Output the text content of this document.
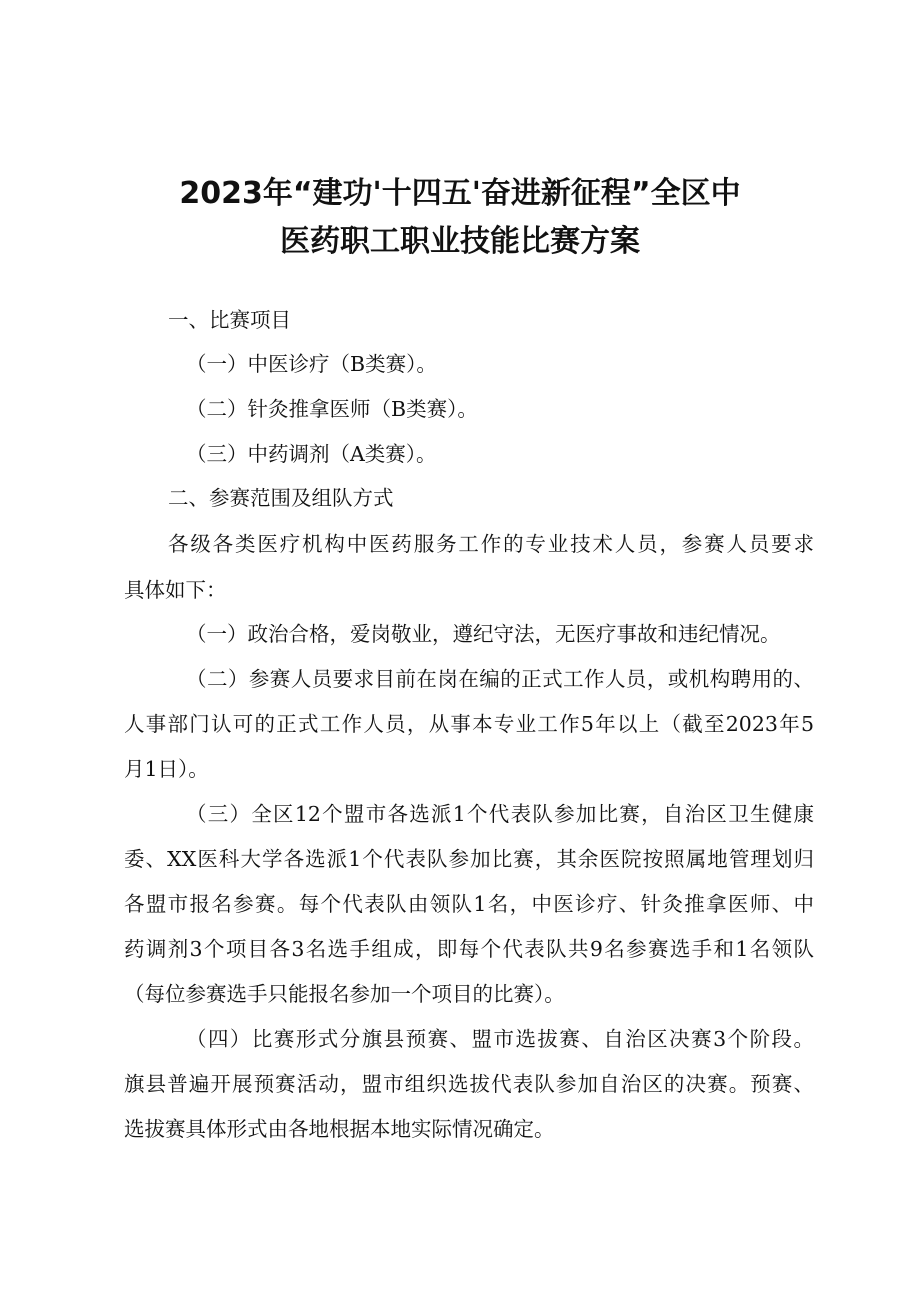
2023年“建功'十四五'奋进新征程”全区中
医药职工职业技能比赛方案

一、比赛项目

（一）中医诊疗（B类赛）。

（二）针灸推拿医师（B类赛）。

（三）中药调剂（A类赛）。

二、参赛范围及组队方式

各级各类医疗机构中医药服务工作的专业技术人员，参赛人员要求

具体如下：

（一）政治合格，爱岗敬业，遵纪守法，无医疗事故和违纪情况。

（二）参赛人员要求目前在岗在编的正式工作人员，或机构聘用的、

人事部门认可的正式工作人员，从事本专业工作5年以上（截至2023年5

月1日）。

（三）全区12个盟市各选派1个代表队参加比赛，自治区卫生健康

委、XX医科大学各选派1个代表队参加比赛，其余医院按照属地管理划归

各盟市报名参赛。每个代表队由领队1名，中医诊疗、针灸推拿医师、中

药调剂3个项目各3名选手组成，即每个代表队共9名参赛选手和1名领队

（每位参赛选手只能报名参加一个项目的比赛）。

（四）比赛形式分旗县预赛、盟市选拔赛、自治区决赛3个阶段。

旗县普遍开展预赛活动，盟市组织选拔代表队参加自治区的决赛。预赛、

选拔赛具体形式由各地根据本地实际情况确定。
